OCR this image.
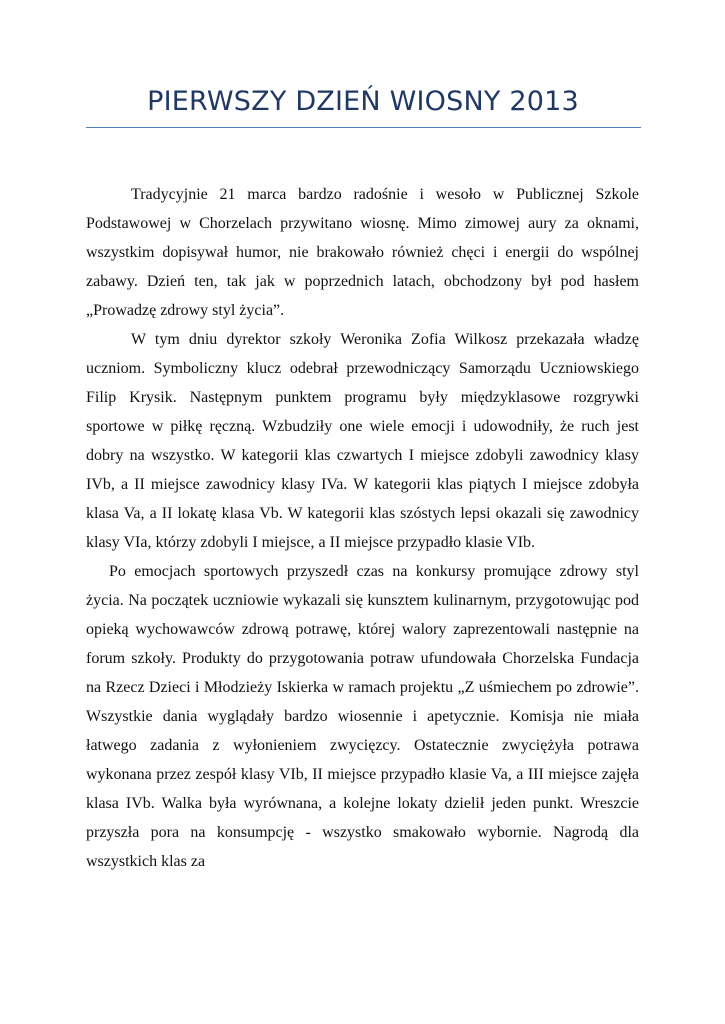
PIERWSZY DZIEŃ WIOSNY 2013

Tradycyjnie 21 marca bardzo radośnie i wesoło w Publicznej Szkole Podstawowej w Chorzelach przywitano wiosnę. Mimo zimowej aury za oknami, wszystkim dopisywał humor, nie brakowało również chęci i energii do wspólnej zabawy. Dzień ten, tak jak w poprzednich latach, obchodzony był pod hasłem „Prowadzę zdrowy styl życia”.

W tym dniu dyrektor szkoły Weronika Zofia Wilkosz przekazała władzę uczniom. Symboliczny klucz odebrał przewodniczący Samorządu Uczniowskiego Filip Krysik. Następnym punktem programu były międzyklasowe rozgrywki sportowe w piłkę ręczną. Wzbudziły one wiele emocji i udowodniły, że ruch jest dobry na wszystko. W kategorii klas czwartych I miejsce zdobyli zawodnicy klasy IVb, a II miejsce zawodnicy klasy IVa. W kategorii klas piątych I miejsce zdobyła klasa Va, a II lokatę klasa Vb. W kategorii klas szóstych lepsi okazali się zawodnicy klasy VIa, którzy zdobyli I miejsce, a II miejsce przypadło klasie VIb.

Po emocjach sportowych przyszedł czas na konkursy promujące zdrowy styl życia. Na początek uczniowie wykazali się kunsztem kulinarnym, przygotowując pod opieką wychowawców zdrową potrawę, której walory zaprezentowali następnie na forum szkoły. Produkty do przygotowania potraw ufundowała Chorzelska Fundacja na Rzecz Dzieci i Młodzieży Iskierka w ramach projektu „Z uśmiechem po zdrowie”. Wszystkie dania wyglądały bardzo wiosennie i apetycznie. Komisja nie miała łatwego zadania z wyłonieniem zwycięzcy. Ostatecznie zwyciężyła potrawa wykonana przez zespół klasy VIb, II miejsce przypadło klasie Va, a III miejsce zajęła klasa IVb. Walka była wyrównana, a kolejne lokaty dzielił jeden punkt. Wreszcie przyszła pora na konsumpcję - wszystko smakowało wybornie. Nagrodą dla wszystkich klas za
